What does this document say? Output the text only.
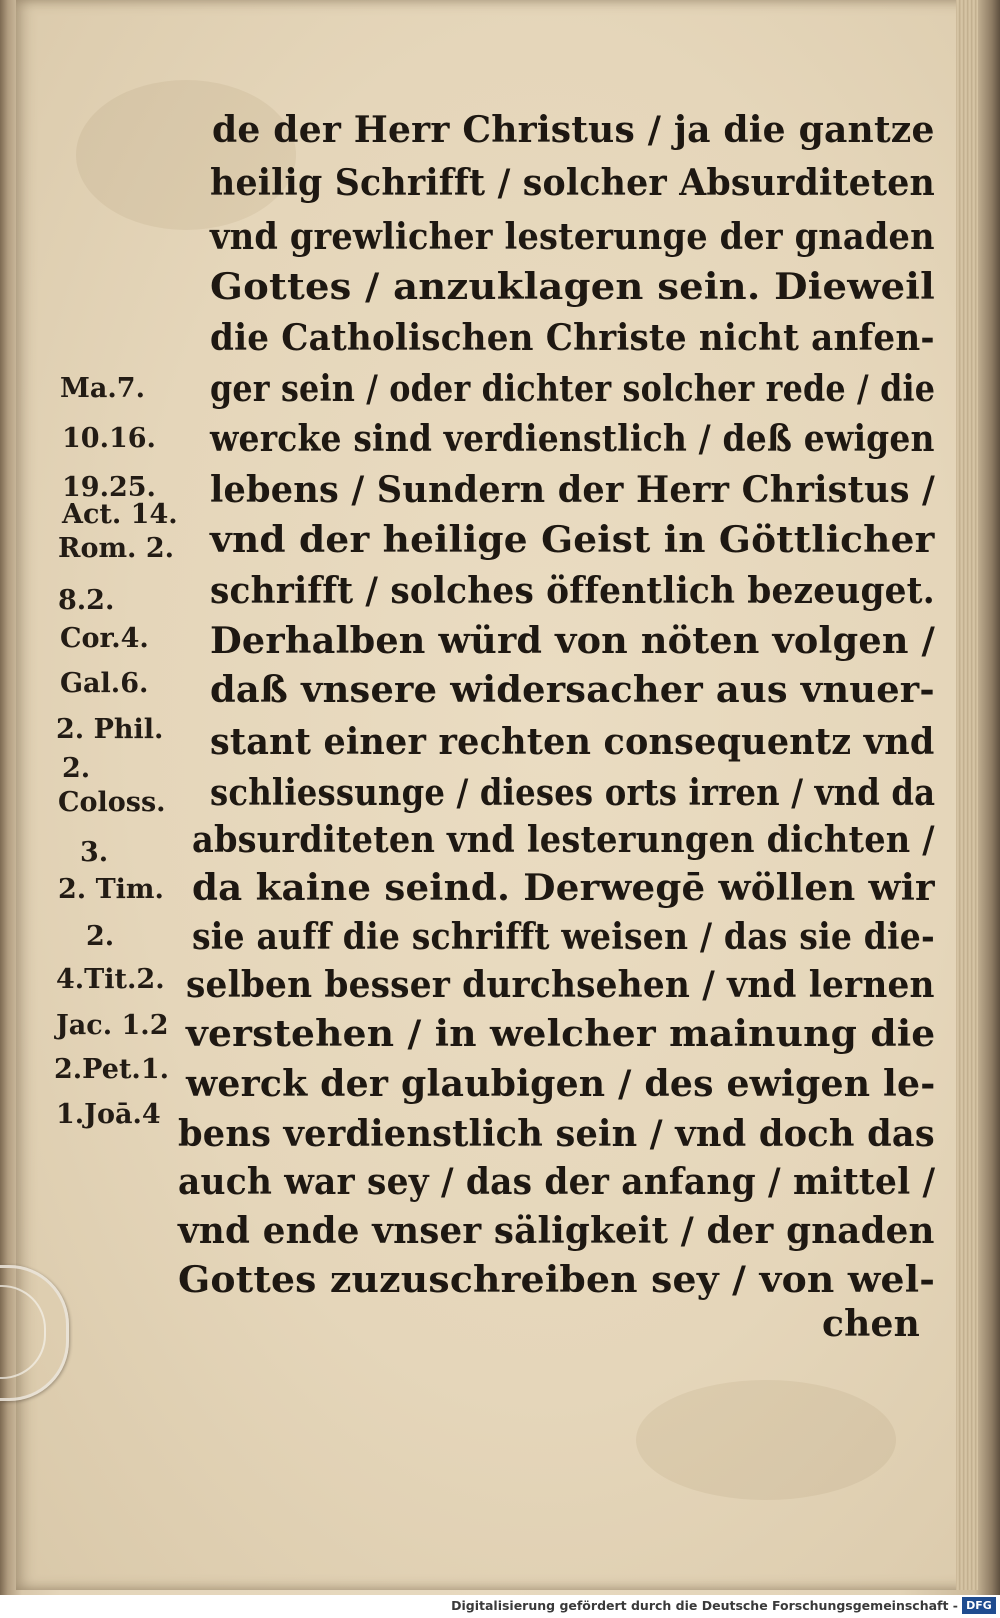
de der Herr Christus / ja die gantze
heilig Schrifft / solcher Absurditeten
vnd grewlicher lesterunge der gnaden
Gottes / anzuklagen sein. Dieweil
die Catholischen Christe nicht anfen-
ger sein / oder dichter solcher rede / die
wercke sind verdienstlich / deß ewigen
lebens / Sundern der Herr Christus /
vnd der heilige Geist in Göttlicher
schrifft / solches öffentlich bezeuget.
Derhalben würd von nöten volgen /
daß vnsere widersacher aus vnuer-
stant einer rechten consequentz vnd
schliessunge / dieses orts irren / vnd da
absurditeten vnd lesterungen dichten /
da kaine seind. Derwegē wöllen wir
sie auff die schrifft weisen / das sie die-
selben besser durchsehen / vnd lernen
verstehen / in welcher mainung die
werck der glaubigen / des ewigen le-
bens verdienstlich sein / vnd doch das
auch war sey / das der anfang / mittel /
vnd ende vnser säligkeit / der gnaden
Gottes zuzuschreiben sey / von wel-
chen
Ma.7.
10.16.
19.25.
Act. 14.
Rom. 2.
8.2.
Cor.4.
Gal.6.
2. Phil.
2.
Coloss.
3.
2. Tim.
2.
4.Tit.2.
Jac. 1.2
2.Pet.1.
1.Joā.4
Digitalisierung gefördert durch die Deutsche Forschungsgemeinschaft - DFG
